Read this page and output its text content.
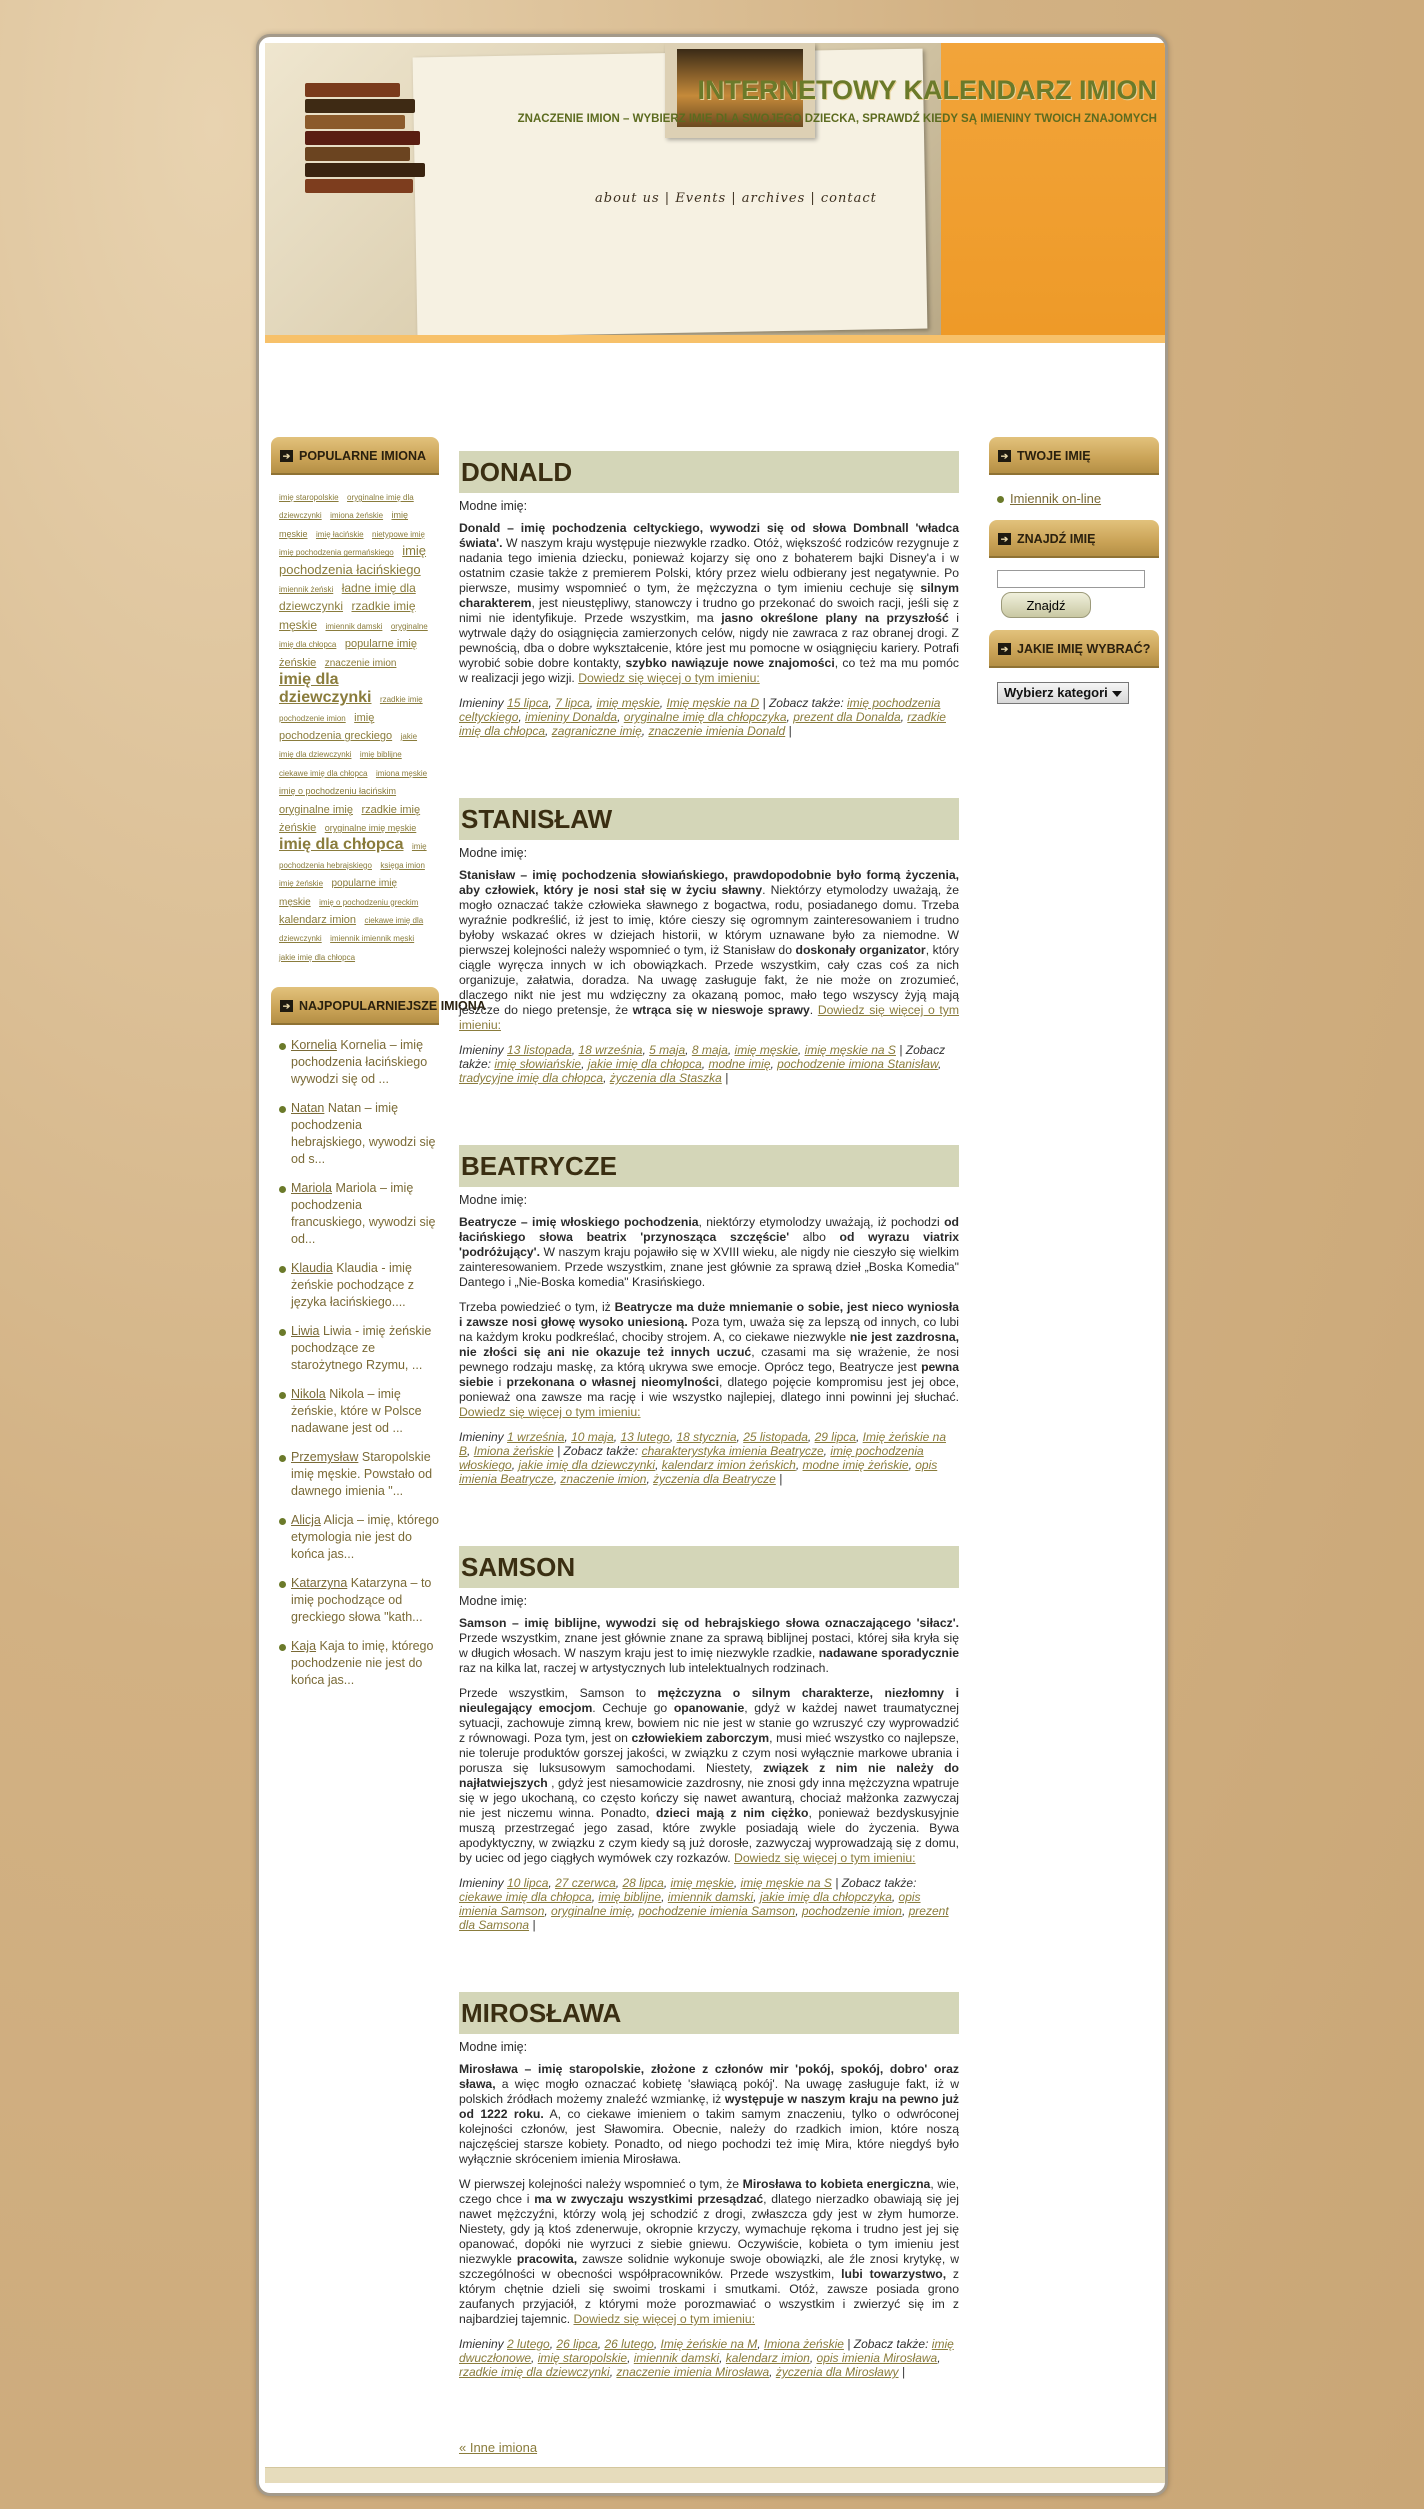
about us | Events | archives | contact
INTERNETOWY KALENDARZ IMION

ZNACZENIE IMION – WYBIERZ IMIĘ DLA SWOJEGO DZIECKA, SPRAWDŹ KIEDY SĄ IMIENINY TWOICH ZNAJOMYCH

➔ POPULARNE IMIONA
imię staropolskie oryginalne imię dla dziewczynki imiona żeńskie imię męskie imię łacińskie nietypowe imię imię pochodzenia germańskiego imię pochodzenia łacińskiego imiennik żeński ładne imię dla dziewczynki rzadkie imię męskie imiennik damski oryginalne imię dla chłopca popularne imię żeńskie znaczenie imion imię dla dziewczynki rzadkie imię pochodzenie imion imię pochodzenia greckiego jakie imię dla dziewczynki imię biblijne ciekawe imię dla chłopca imiona męskie imię o pochodzeniu łacińskim oryginalne imię rzadkie imię żeńskie oryginalne imię męskie imię dla chłopca imię pochodzenia hebrajskiego księga imion imię żeńskie popularne imię męskie imię o pochodzeniu greckim kalendarz imion ciekawe imię dla dziewczynki imiennik imiennik męski jakie imię dla chłopca
➔ NAJPOPULARNIEJSZE IMIONA
Kornelia Kornelia – imię pochodzenia łacińskiego wywodzi się od ...
Natan Natan – imię pochodzenia hebrajskiego, wywodzi się od s...
Mariola Mariola – imię pochodzenia francuskiego, wywodzi się od...
Klaudia Klaudia - imię żeńskie pochodzące z języka łacińskiego....
Liwia Liwia - imię żeńskie pochodzące ze starożytnego Rzymu, ...
Nikola Nikola – imię żeńskie, które w Polsce nadawane jest od ...
Przemysław Staropolskie imię męskie. Powstało od dawnego imienia "...
Alicja Alicja – imię, którego etymologia nie jest do końca jas...
Katarzyna Katarzyna – to imię pochodzące od greckiego słowa "kath...
Kaja Kaja to imię, którego pochodzenie nie jest do końca jas...
DONALD
Modne imię:

Donald – imię pochodzenia celtyckiego, wywodzi się od słowa Dombnall 'władca świata'. W naszym kraju występuje niezwykle rzadko. Otóż, większość rodziców rezygnuje z nadania tego imienia dziecku, ponieważ kojarzy się ono z bohaterem bajki Disney'a i w ostatnim czasie także z premierem Polski, który przez wielu odbierany jest negatywnie. Po pierwsze, musimy wspomnieć o tym, że mężczyzna o tym imieniu cechuje się silnym charakterem, jest nieustępliwy, stanowczy i trudno go przekonać do swoich racji, jeśli się z nimi nie identyfikuje. Przede wszystkim, ma jasno określone plany na przyszłość i wytrwale dąży do osiągnięcia zamierzonych celów, nigdy nie zawraca z raz obranej drogi. Z pewnością, dba o dobre wykształcenie, które jest mu pomocne w osiągnięciu kariery. Potrafi wyrobić sobie dobre kontakty, szybko nawiązuje nowe znajomości, co też ma mu pomóc w realizacji jego wizji. Dowiedz się więcej o tym imieniu:

Imieniny 15 lipca, 7 lipca, imię męskie, Imię męskie na D | Zobacz także: imię pochodzenia celtyckiego, imieniny Donalda, oryginalne imię dla chłopczyka, prezent dla Donalda, rzadkie imię dla chłopca, zagraniczne imię, znaczenie imienia Donald |
STANISŁAW
Modne imię:

Stanisław – imię pochodzenia słowiańskiego, prawdopodobnie było formą życzenia, aby człowiek, który je nosi stał się w życiu sławny. Niektórzy etymolodzy uważają, że mogło oznaczać także człowieka sławnego z bogactwa, rodu, posiadanego domu. Trzeba wyraźnie podkreślić, iż jest to imię, które cieszy się ogromnym zainteresowaniem i trudno byłoby wskazać okres w dziejach historii, w którym uznawane było za niemodne. W pierwszej kolejności należy wspomnieć o tym, iż Stanisław do doskonały organizator, który ciągle wyręcza innych w ich obowiązkach. Przede wszystkim, cały czas coś za nich organizuje, załatwia, doradza. Na uwagę zasługuje fakt, że nie może on zrozumieć, dlaczego nikt nie jest mu wdzięczny za okazaną pomoc, mało tego wszyscy żyją mają jeszcze do niego pretensje, że wtrąca się w nieswoje sprawy. Dowiedz się więcej o tym imieniu:

Imieniny 13 listopada, 18 września, 5 maja, 8 maja, imię męskie, imię męskie na S | Zobacz także: imię słowiańskie, jakie imię dla chłopca, modne imię, pochodzenie imiona Stanisław, tradycyjne imię dla chłopca, życzenia dla Staszka |
BEATRYCZE
Modne imię:

Beatrycze – imię włoskiego pochodzenia, niektórzy etymolodzy uważają, iż pochodzi od łacińskiego słowa beatrix 'przynosząca szczęście' albo od wyrazu viatrix 'podróżujący'. W naszym kraju pojawiło się w XVIII wieku, ale nigdy nie cieszyło się wielkim zainteresowaniem. Przede wszystkim, znane jest głównie za sprawą dzieł „Boska Komedia" Dantego i „Nie-Boska komedia" Krasińskiego.

Trzeba powiedzieć o tym, iż Beatrycze ma duże mniemanie o sobie, jest nieco wyniosła i zawsze nosi głowę wysoko uniesioną. Poza tym, uważa się za lepszą od innych, co lubi na każdym kroku podkreślać, chociby strojem. A, co ciekawe niezwykle nie jest zazdrosna, nie złości się ani nie okazuje też innych uczuć, czasami ma się wrażenie, że nosi pewnego rodzaju maskę, za którą ukrywa swe emocje. Oprócz tego, Beatrycze jest pewna siebie i przekonana o własnej nieomylności, dlatego pojęcie kompromisu jest jej obce, ponieważ ona zawsze ma rację i wie wszystko najlepiej, dlatego inni powinni jej słuchać. Dowiedz się więcej o tym imieniu:

Imieniny 1 września, 10 maja, 13 lutego, 18 stycznia, 25 listopada, 29 lipca, Imię żeńskie na B, Imiona żeńskie | Zobacz także: charakterystyka imienia Beatrycze, imię pochodzenia włoskiego, jakie imię dla dziewczynki, kalendarz imion żeńskich, modne imię żeńskie, opis imienia Beatrycze, znaczenie imion, życzenia dla Beatrycze |
SAMSON
Modne imię:

Samson – imię biblijne, wywodzi się od hebrajskiego słowa oznaczającego 'siłacz'. Przede wszystkim, znane jest głównie znane za sprawą biblijnej postaci, której siła kryła się w długich włosach. W naszym kraju jest to imię niezwykle rzadkie, nadawane sporadycznie raz na kilka lat, raczej w artystycznych lub intelektualnych rodzinach.

Przede wszystkim, Samson to mężczyzna o silnym charakterze, niezłomny i nieulegający emocjom. Cechuje go opanowanie, gdyż w każdej nawet traumatycznej sytuacji, zachowuje zimną krew, bowiem nic nie jest w stanie go wzruszyć czy wyprowadzić z równowagi. Poza tym, jest on człowiekiem zaborczym, musi mieć wszystko co najlepsze, nie toleruje produktów gorszej jakości, w związku z czym nosi wyłącznie markowe ubrania i porusza się luksusowym samochodami. Niestety, związek z nim nie należy do najłatwiejszych , gdyż jest niesamowicie zazdrosny, nie znosi gdy inna mężczyzna wpatruje się w jego ukochaną, co często kończy się nawet awanturą, chociaż małżonka zazwyczaj nie jest niczemu winna. Ponadto, dzieci mają z nim ciężko, ponieważ bezdyskusyjnie muszą przestrzegać jego zasad, które zwykle posiadają wiele do życzenia. Bywa apodyktyczny, w związku z czym kiedy są już dorosłe, zazwyczaj wyprowadzają się z domu, by uciec od jego ciągłych wymówek czy rozkazów. Dowiedz się więcej o tym imieniu:

Imieniny 10 lipca, 27 czerwca, 28 lipca, imię męskie, imię męskie na S | Zobacz także: ciekawe imię dla chłopca, imię biblijne, imiennik damski, jakie imię dla chłopczyka, opis imienia Samson, oryginalne imię, pochodzenie imienia Samson, pochodzenie imion, prezent dla Samsona |
MIROSŁAWA
Modne imię:

Mirosława – imię staropolskie, złożone z członów mir 'pokój, spokój, dobro' oraz sława, a więc mogło oznaczać kobietę 'sławiącą pokój'. Na uwagę zasługuje fakt, iż w polskich źródłach możemy znaleźć wzmiankę, iż występuje w naszym kraju na pewno już od 1222 roku. A, co ciekawe imieniem o takim samym znaczeniu, tylko o odwróconej kolejności członów, jest Sławomira. Obecnie, należy do rzadkich imion, które noszą najczęściej starsze kobiety. Ponadto, od niego pochodzi też imię Mira, które niegdyś było wyłącznie skróceniem imienia Mirosława.

W pierwszej kolejności należy wspomnieć o tym, że Mirosława to kobieta energiczna, wie, czego chce i ma w zwyczaju wszystkimi przesądzać, dlatego nierzadko obawiają się jej nawet mężczyźni, którzy wolą jej schodzić z drogi, zwłaszcza gdy jest w złym humorze. Niestety, gdy ją ktoś zdenerwuje, okropnie krzyczy, wymachuje rękoma i trudno jest jej się opanować, dopóki nie wyrzuci z siebie gniewu. Oczywiście, kobieta o tym imieniu jest niezwykle pracowita, zawsze solidnie wykonuje swoje obowiązki, ale źle znosi krytykę, w szczególności w obecności współpracowników. Przede wszystkim, lubi towarzystwo, z którym chętnie dzieli się swoimi troskami i smutkami. Otóż, zawsze posiada grono zaufanych przyjaciół, z którymi może porozmawiać o wszystkim i zwierzyć się im z najbardziej tajemnic. Dowiedz się więcej o tym imieniu:

Imieniny 2 lutego, 26 lipca, 26 lutego, Imię żeńskie na M, Imiona żeńskie | Zobacz także: imię dwuczłonowe, imię staropolskie, imiennik damski, kalendarz imion, opis imienia Mirosława, rzadkie imię dla dziewczynki, znaczenie imienia Mirosława, życzenia dla Mirosławy |
« Inne imiona
➔ TWOJE IMIĘ
Imiennik on-line
➔ ZNAJDŹ IMIĘ
Znajdź
➔ JAKIE IMIĘ WYBRAĆ?
Wybierz kategori
